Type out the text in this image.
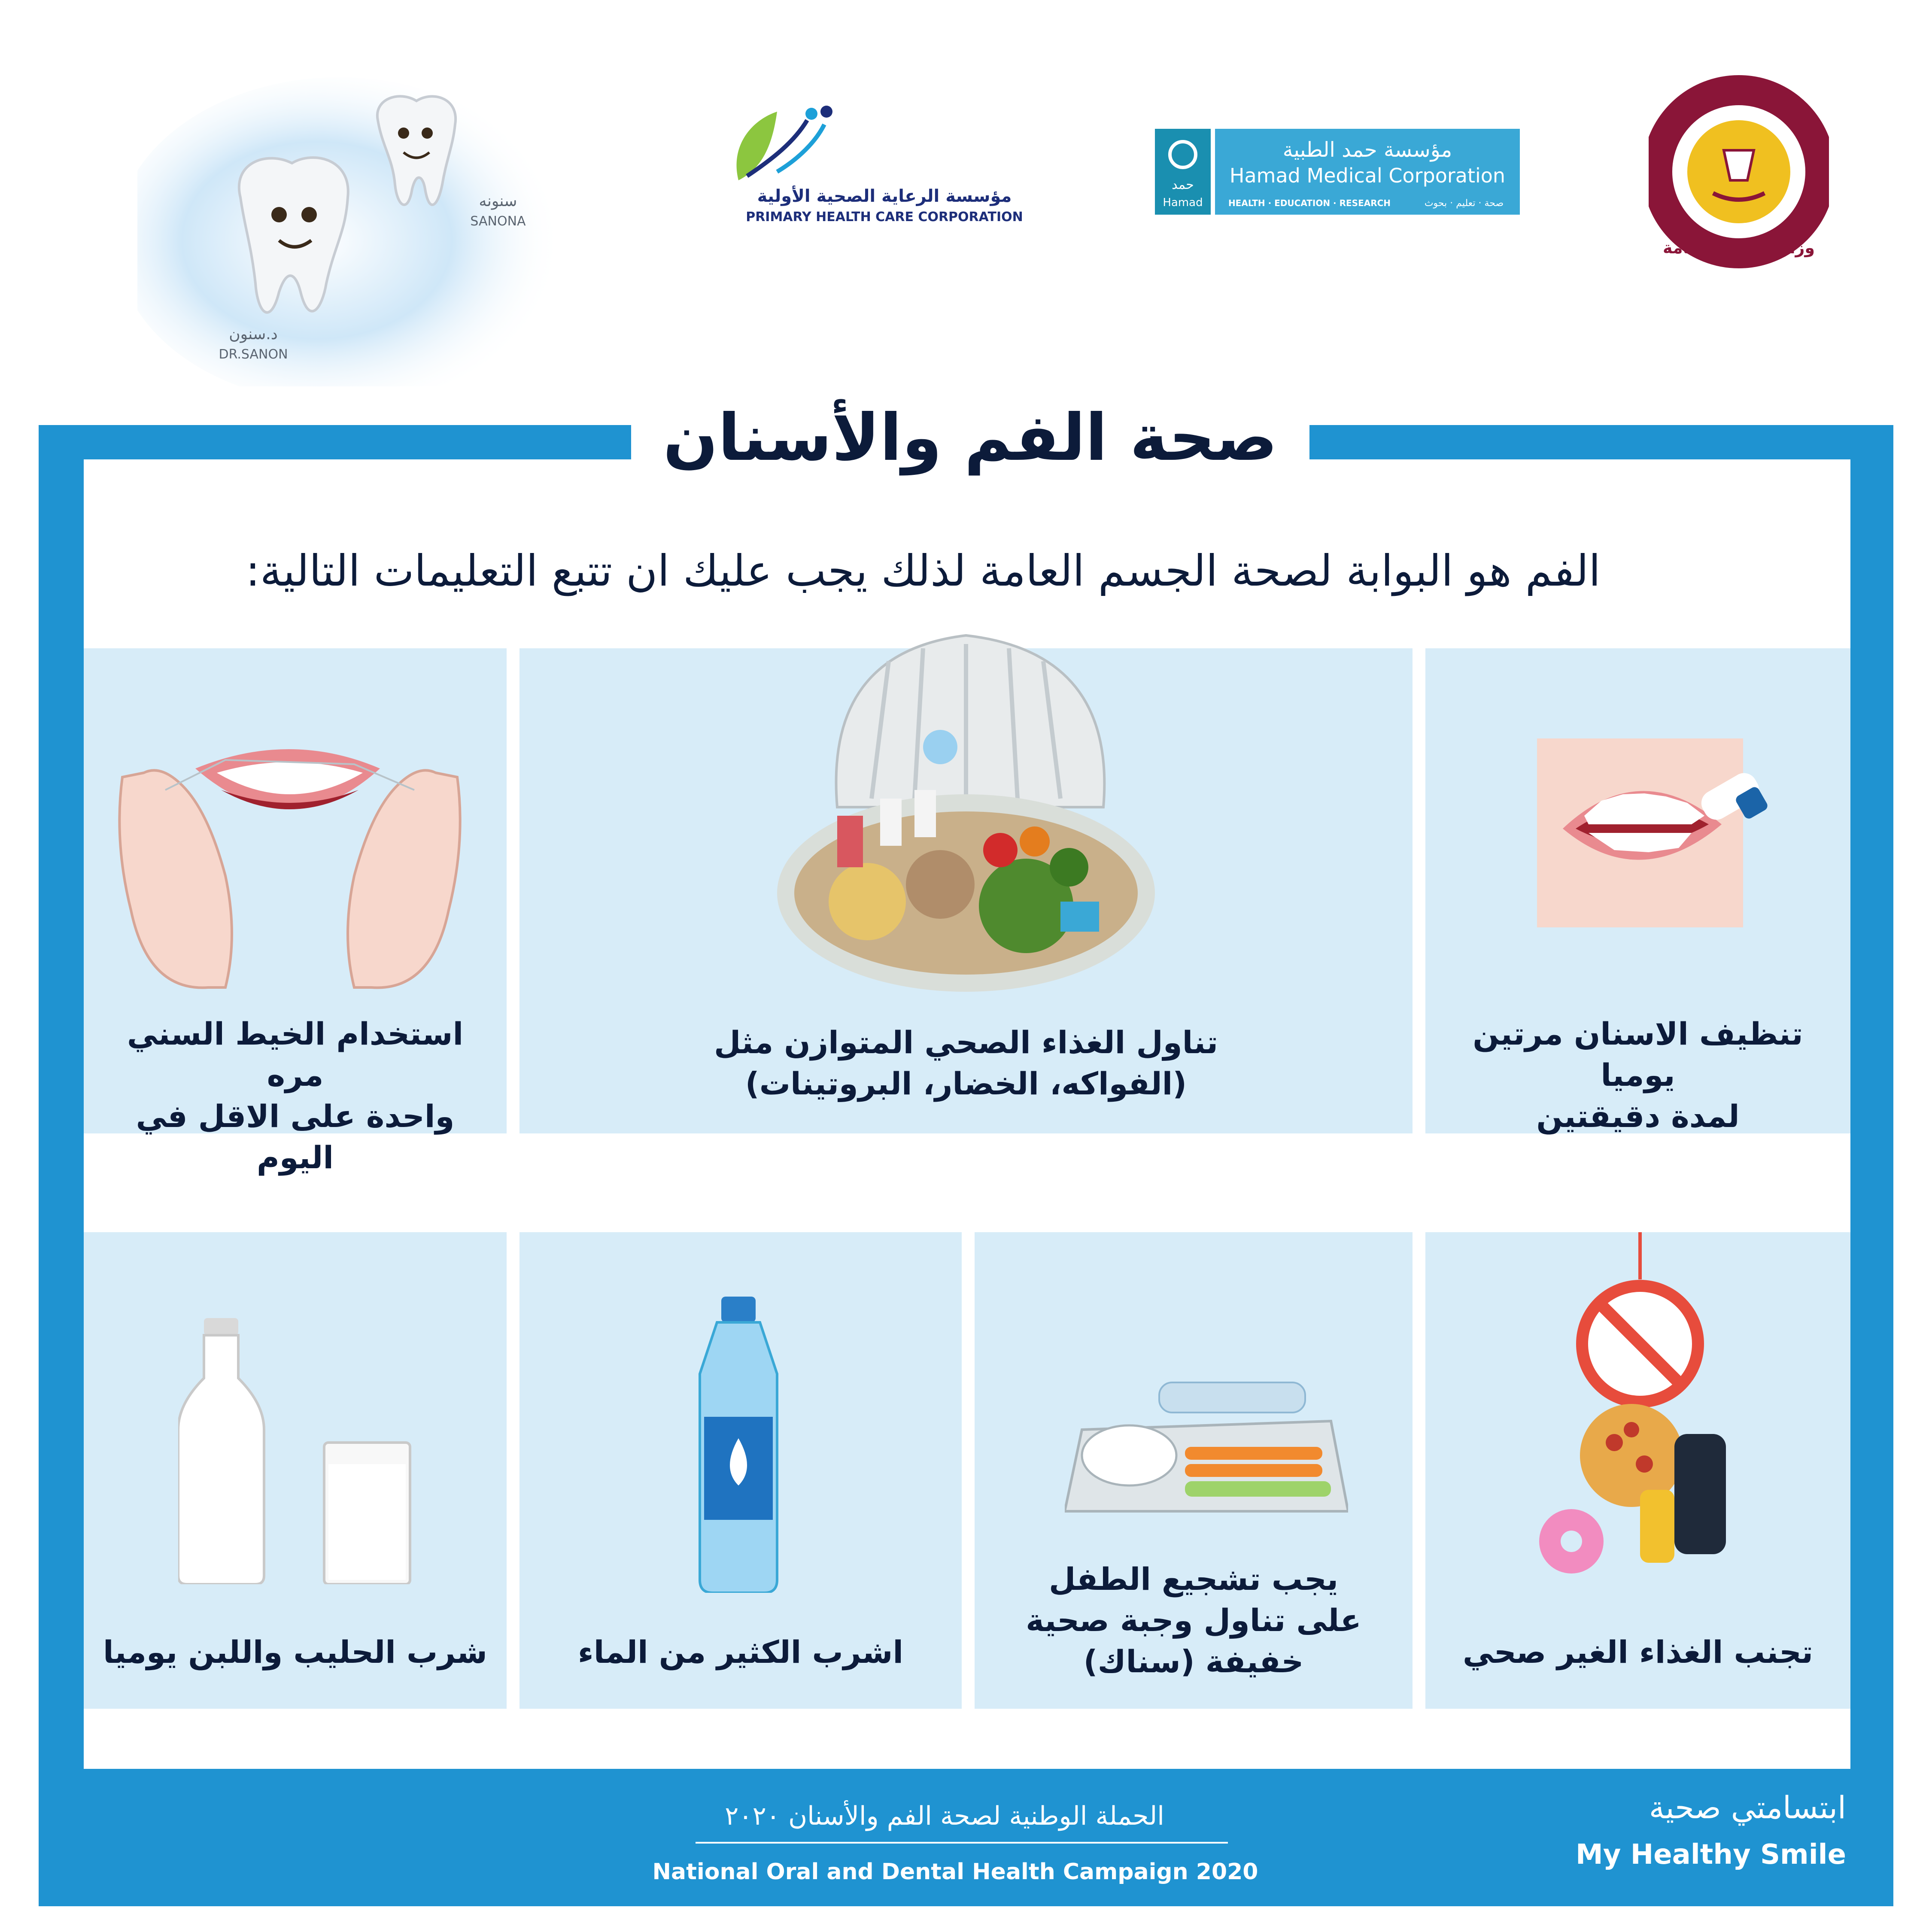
سنونه
SANONA
د.سنون
DR.SANON
مؤسسة الرعاية الصحية الأولية
PRIMARY HEALTH CARE CORPORATION
حمد
Hamad
مؤسسة حمد الطبية
Hamad Medical Corporation
HEALTH · EDUCATION · RESEARCH	صحة · تعليم · بحوث
دولة قطر
وزارة الصحة العامة
صحة الفم والأسنان
الفم هو البوابة لصحة الجسم العامة لذلك يجب عليك ان تتبع التعليمات التالية:
تنظيف الاسنان مرتين يوميا
لمدة دقيقتين
تناول الغذاء الصحي المتوازن مثل
(الفواكه، الخضار، البروتينات)
استخدام الخيط السني مره
واحدة على الاقل في اليوم
تجنب الغذاء الغير صحي
يجب تشجيع الطفل
على تناول وجبة صحية
خفيفة (سناك)
اشرب الكثير من الماء
شرب الحليب واللبن يوميا
الحملة الوطنية لصحة الفم والأسنان ٢٠٢٠
National Oral and Dental Health Campaign 2020
ابتسامتي صحية
My Healthy Smile
